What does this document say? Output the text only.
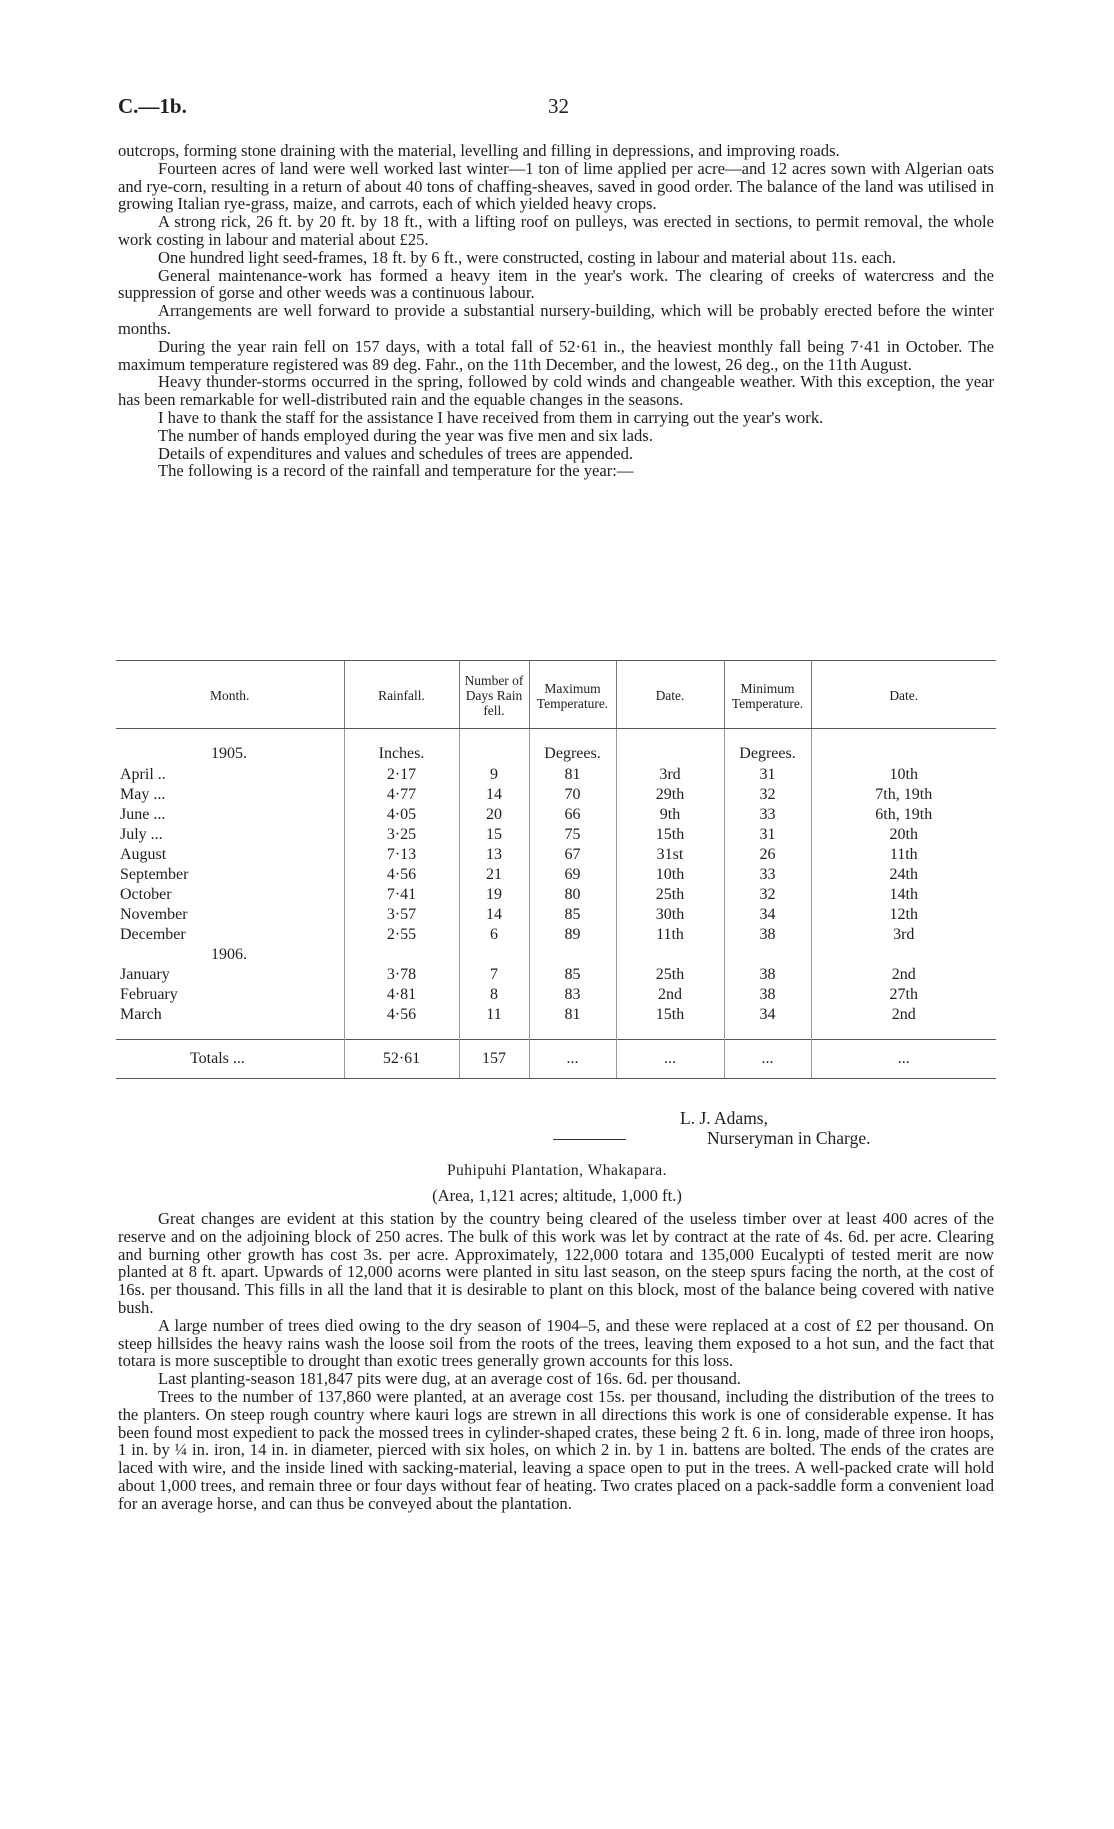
C.—1b.	32

outcrops, forming stone draining with the material, levelling and filling in depressions, and improving roads.

Fourteen acres of land were well worked last winter—1 ton of lime applied per acre—and 12 acres sown with Algerian oats and rye-corn, resulting in a return of about 40 tons of chaffing-sheaves, saved in good order. The balance of the land was utilised in growing Italian rye-grass, maize, and carrots, each of which yielded heavy crops.

A strong rick, 26 ft. by 20 ft. by 18 ft., with a lifting roof on pulleys, was erected in sections, to permit removal, the whole work costing in labour and material about £25.

One hundred light seed-frames, 18 ft. by 6 ft., were constructed, costing in labour and material about 11s. each.

General maintenance-work has formed a heavy item in the year's work. The clearing of creeks of watercress and the suppression of gorse and other weeds was a continuous labour.

Arrangements are well forward to provide a substantial nursery-building, which will be probably erected before the winter months.

During the year rain fell on 157 days, with a total fall of 52·61 in., the heaviest monthly fall being 7·41 in October. The maximum temperature registered was 89 deg. Fahr., on the 11th December, and the lowest, 26 deg., on the 11th August.

Heavy thunder-storms occurred in the spring, followed by cold winds and changeable weather. With this exception, the year has been remarkable for well-distributed rain and the equable changes in the seasons.

I have to thank the staff for the assistance I have received from them in carrying out the year's work.

The number of hands employed during the year was five men and six lads.

Details of expenditures and values and schedules of trees are appended.

The following is a record of the rainfall and temperature for the year:—

Month.	Rainfall.	Number of Days Rain fell.	Maximum Temperature.	Date.	Minimum Temperature.	Date.

1905.	Inches.		Degrees.		Degrees.	
April ..	2·17	9	81	3rd	31	10th
May ...	4·77	14	70	29th	32	7th, 19th
June ...	4·05	20	66	9th	33	6th, 19th
July ...	3·25	15	75	15th	31	20th
August	7·13	13	67	31st	26	11th
September	4·56	21	69	10th	33	24th
October	7·41	19	80	25th	32	14th
November	3·57	14	85	30th	34	12th
December	2·55	6	89	11th	38	3rd
1906.						
January	3·78	7	85	25th	38	2nd
February	4·81	8	83	2nd	38	27th
March	4·56	11	81	15th	34	2nd

Totals ...	52·61	157	...	...	...	...
L. J. Adams,
Nurseryman in Charge.
Puhipuhi Plantation, Whakapara.
(Area, 1,121 acres; altitude, 1,000 ft.)

Great changes are evident at this station by the country being cleared of the useless timber over at least 400 acres of the reserve and on the adjoining block of 250 acres. The bulk of this work was let by contract at the rate of 4s. 6d. per acre. Clearing and burning other growth has cost 3s. per acre. Approximately, 122,000 totara and 135,000 Eucalypti of tested merit are now planted at 8 ft. apart. Upwards of 12,000 acorns were planted in situ last season, on the steep spurs facing the north, at the cost of 16s. per thousand. This fills in all the land that it is desirable to plant on this block, most of the balance being covered with native bush.

A large number of trees died owing to the dry season of 1904–5, and these were replaced at a cost of £2 per thousand. On steep hillsides the heavy rains wash the loose soil from the roots of the trees, leaving them exposed to a hot sun, and the fact that totara is more susceptible to drought than exotic trees generally grown accounts for this loss.

Last planting-season 181,847 pits were dug, at an average cost of 16s. 6d. per thousand.

Trees to the number of 137,860 were planted, at an average cost 15s. per thousand, including the distribution of the trees to the planters. On steep rough country where kauri logs are strewn in all directions this work is one of considerable expense. It has been found most expedient to pack the mossed trees in cylinder-shaped crates, these being 2 ft. 6 in. long, made of three iron hoops, 1 in. by ¼ in. iron, 14 in. in diameter, pierced with six holes, on which 2 in. by 1 in. battens are bolted. The ends of the crates are laced with wire, and the inside lined with sacking-material, leaving a space open to put in the trees. A well-packed crate will hold about 1,000 trees, and remain three or four days without fear of heating. Two crates placed on a pack-saddle form a convenient load for an average horse, and can thus be conveyed about the plantation.
